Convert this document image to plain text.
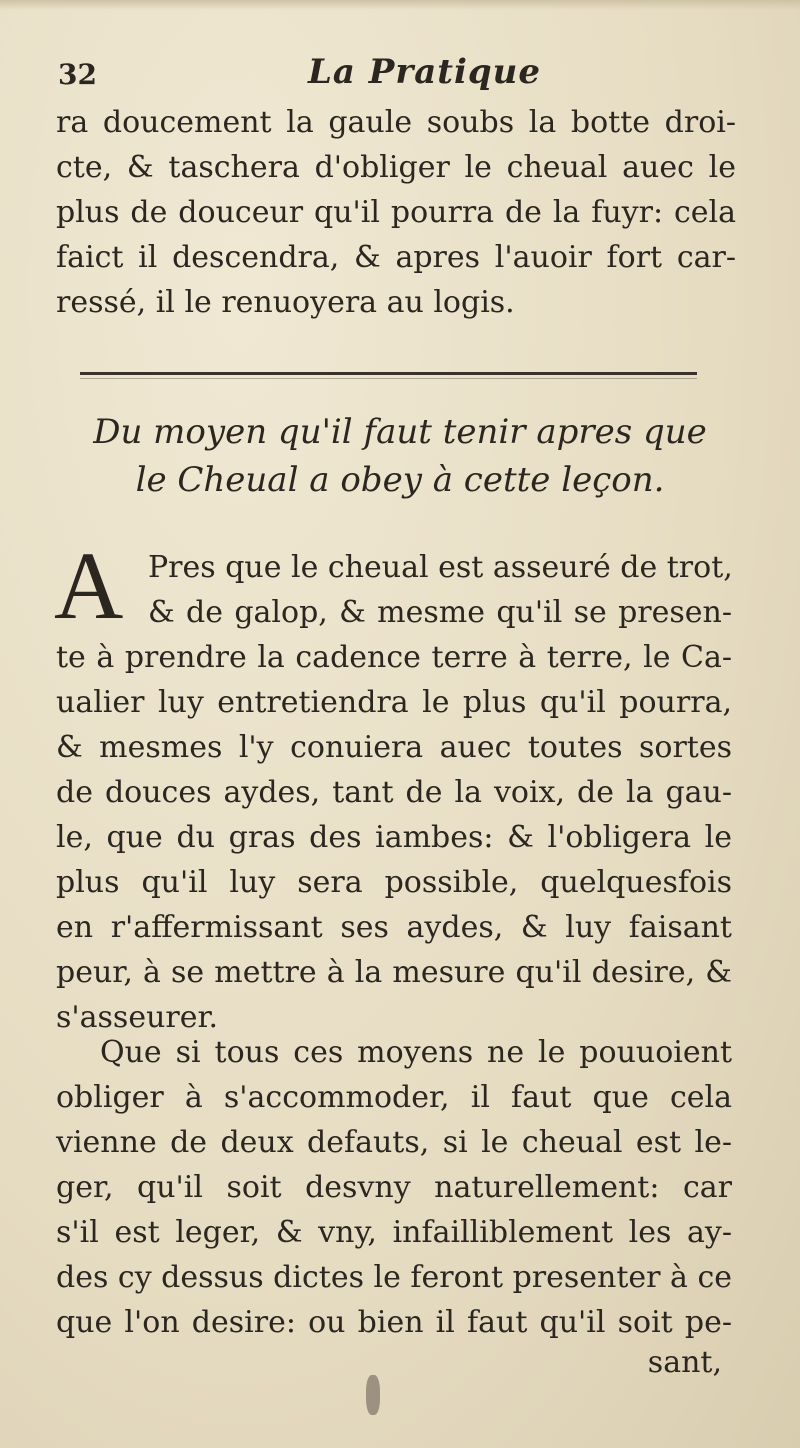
32	La Pratique
ra doucement la gaule soubs la botte droi-
cte, & taschera d'obliger le cheual auec le
plus de douceur qu'il pourra de la fuyr: cela
faict il descendra, & apres l'auoir fort car-
ressé, il le renuoyera au logis.
Du moyen qu'il faut tenir apres que
le Cheual a obey à cette leçon.
A Pres que le cheual est asseuré de trot,
& de galop, & mesme qu'il se presen-
te à prendre la cadence terre à terre, le Ca-
ualier luy entretiendra le plus qu'il pourra,
& mesmes l'y conuiera auec toutes sortes
de douces aydes, tant de la voix, de la gau-
le, que du gras des iambes: & l'obligera le
plus qu'il luy sera possible, quelquesfois
en r'affermissant ses aydes, & luy faisant
peur, à se mettre à la mesure qu'il desire, &
s'asseurer.
Que si tous ces moyens ne le pouuoient
obliger à s'accommoder, il faut que cela
vienne de deux defauts, si le cheual est le-
ger, qu'il soit desvny naturellement: car
s'il est leger, & vny, infailliblement les ay-
des cy dessus dictes le feront presenter à ce
que l'on desire: ou bien il faut qu'il soit pe-
sant,
